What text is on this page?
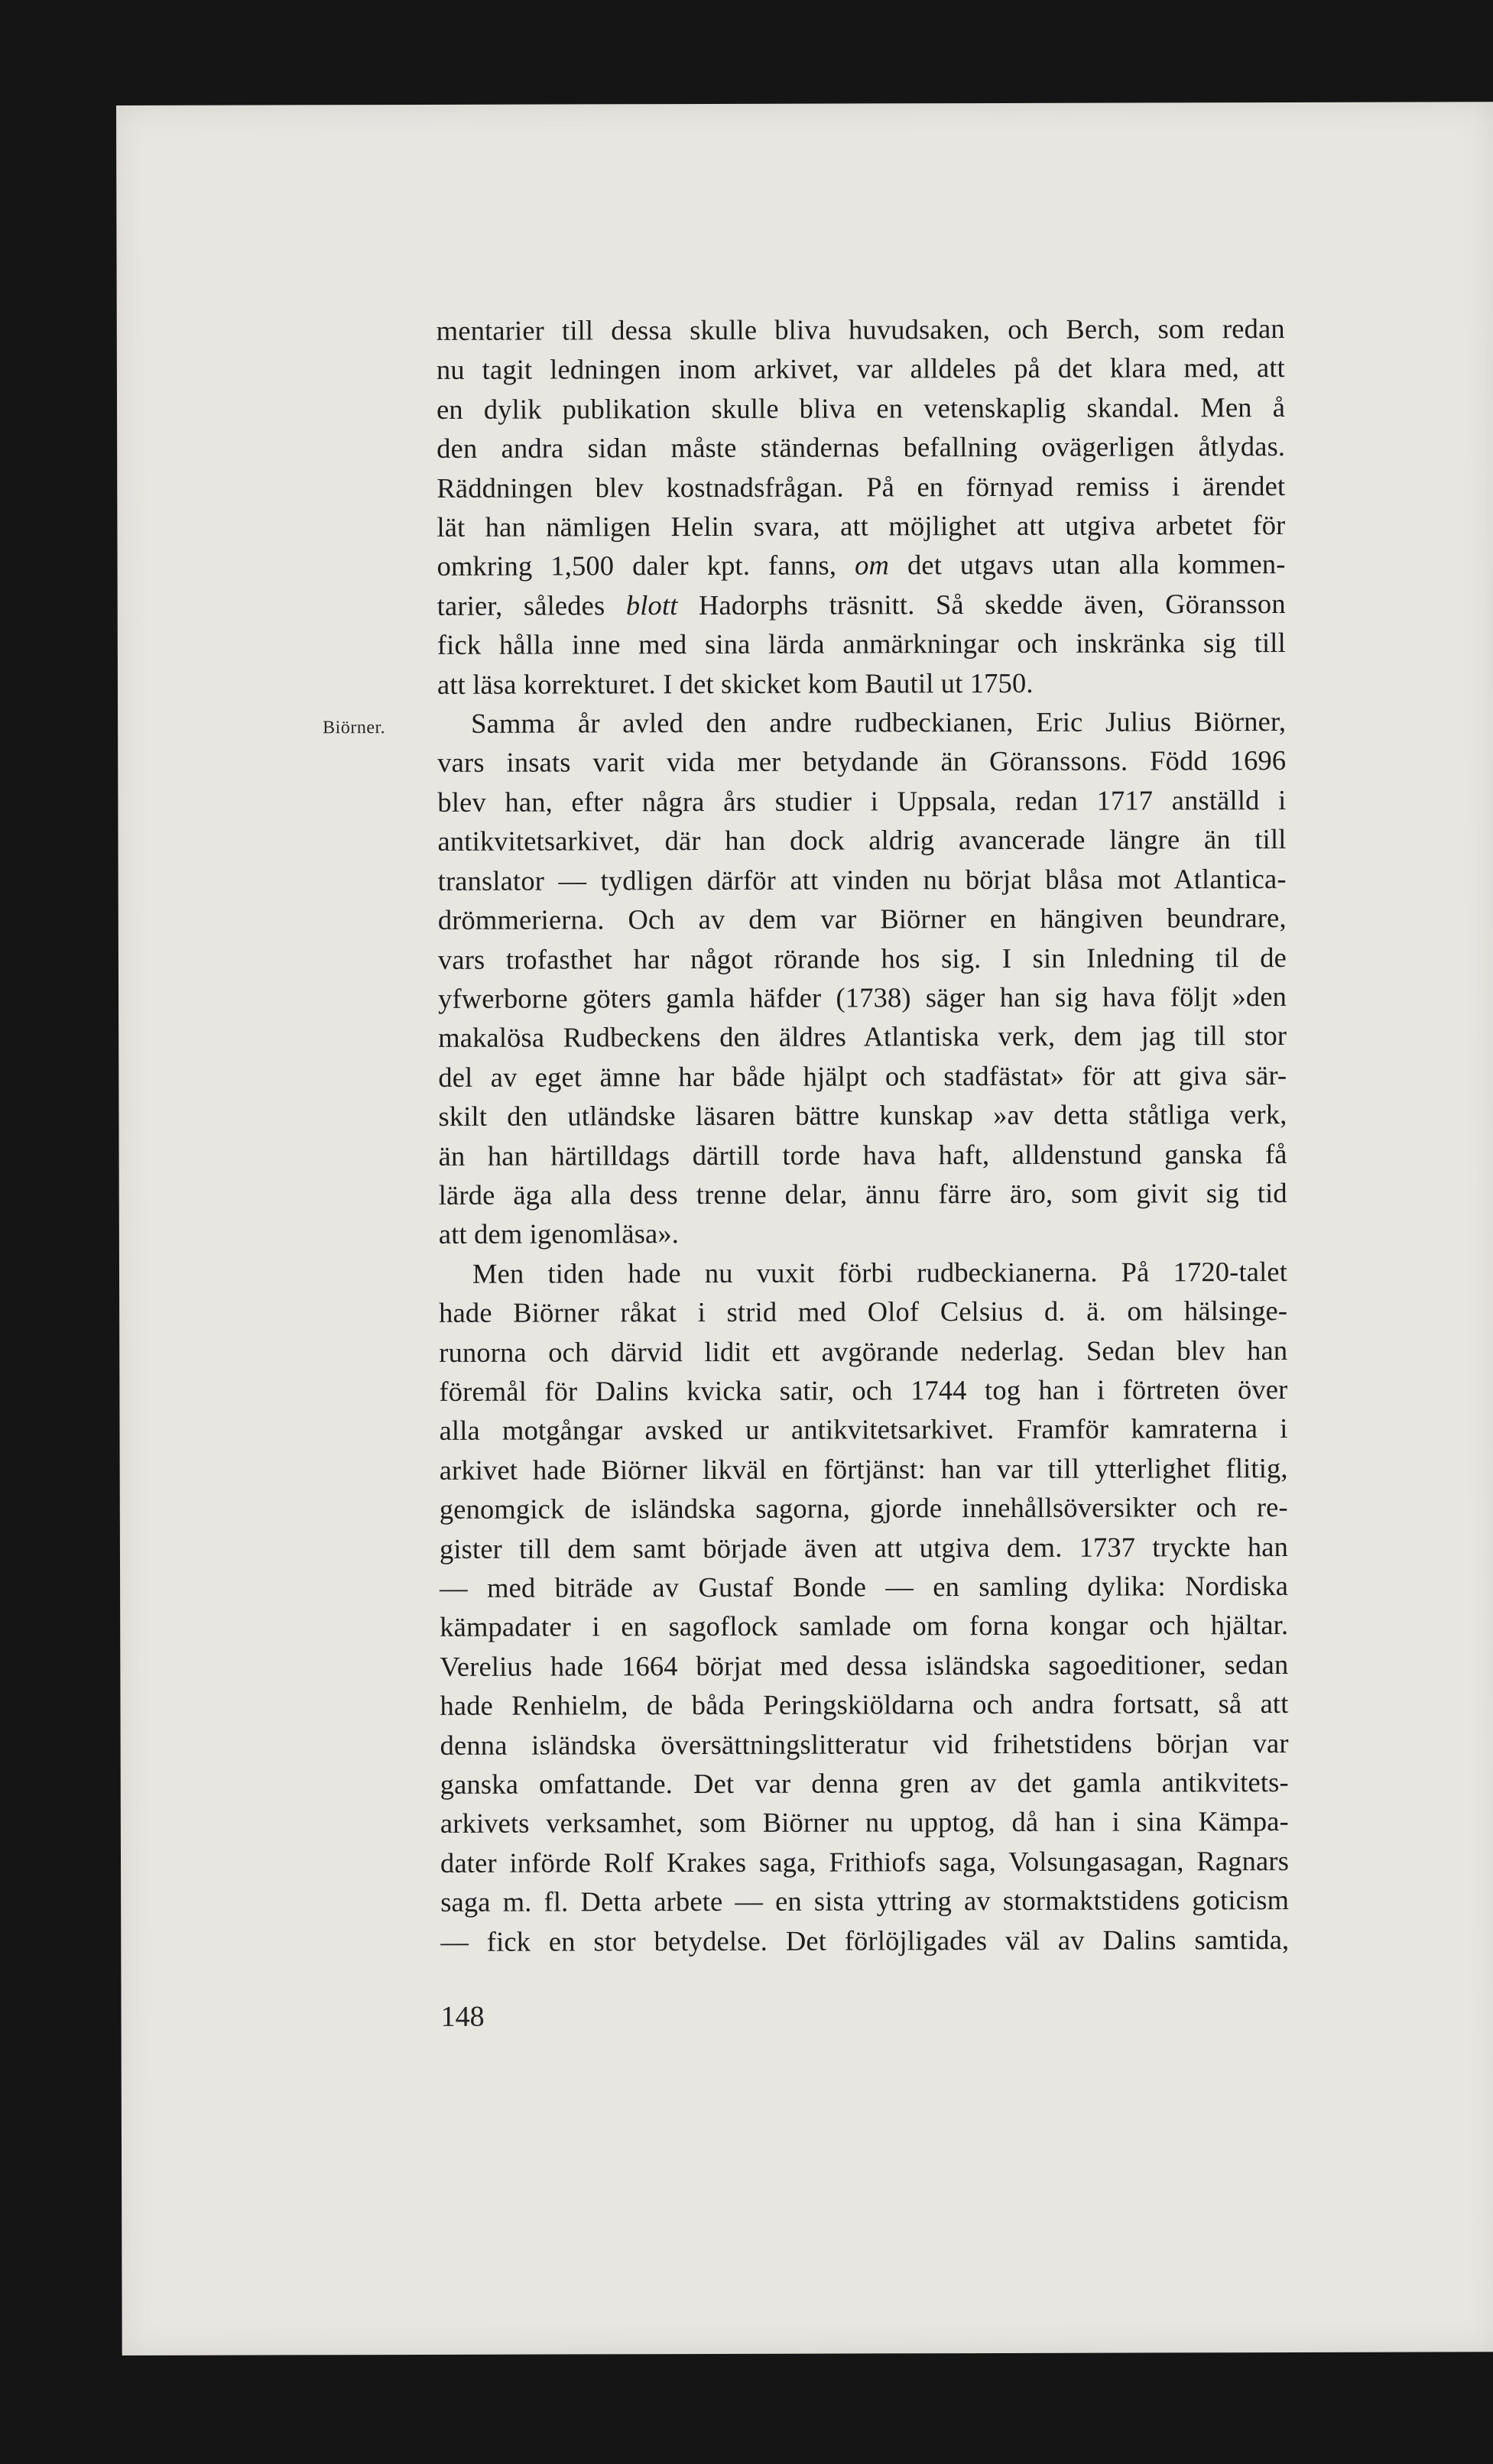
Biörner.
mentarier till dessa skulle bliva huvudsaken, och Berch, som redan
nu tagit ledningen inom arkivet, var alldeles på det klara med, att
en dylik publikation skulle bliva en vetenskaplig skandal. Men å
den andra sidan måste ständernas befallning ovägerligen åtlydas.
Räddningen blev kostnadsfrågan. På en förnyad remiss i ärendet
lät han nämligen Helin svara, att möjlighet att utgiva arbetet för
omkring 1,500 daler kpt. fanns, om det utgavs utan alla kommen-
tarier, således blott Hadorphs träsnitt. Så skedde även, Göransson
fick hålla inne med sina lärda anmärkningar och inskränka sig till
att läsa korrekturet. I det skicket kom Bautil ut 1750.
Samma år avled den andre rudbeckianen, Eric Julius Biörner,
vars insats varit vida mer betydande än Göranssons. Född 1696
blev han, efter några års studier i Uppsala, redan 1717 anställd i
antikvitetsarkivet, där han dock aldrig avancerade längre än till
translator — tydligen därför att vinden nu börjat blåsa mot Atlantica-
drömmerierna. Och av dem var Biörner en hängiven beundrare,
vars trofasthet har något rörande hos sig. I sin Inledning til de
yfwerborne göters gamla häfder (1738) säger han sig hava följt »den
makalösa Rudbeckens den äldres Atlantiska verk, dem jag till stor
del av eget ämne har både hjälpt och stadfästat» för att giva sär-
skilt den utländske läsaren bättre kunskap »av detta ståtliga verk,
än han härtilldags därtill torde hava haft, alldenstund ganska få
lärde äga alla dess trenne delar, ännu färre äro, som givit sig tid
att dem igenomläsa».
Men tiden hade nu vuxit förbi rudbeckianerna. På 1720-talet
hade Biörner råkat i strid med Olof Celsius d. ä. om hälsinge-
runorna och därvid lidit ett avgörande nederlag. Sedan blev han
föremål för Dalins kvicka satir, och 1744 tog han i förtreten över
alla motgångar avsked ur antikvitetsarkivet. Framför kamraterna i
arkivet hade Biörner likväl en förtjänst: han var till ytterlighet flitig,
genomgick de isländska sagorna, gjorde innehållsöversikter och re-
gister till dem samt började även att utgiva dem. 1737 tryckte han
— med biträde av Gustaf Bonde — en samling dylika: Nordiska
kämpadater i en sagoflock samlade om forna kongar och hjältar.
Verelius hade 1664 börjat med dessa isländska sagoeditioner, sedan
hade Renhielm, de båda Peringskiöldarna och andra fortsatt, så att
denna isländska översättningslitteratur vid frihetstidens början var
ganska omfattande. Det var denna gren av det gamla antikvitets-
arkivets verksamhet, som Biörner nu upptog, då han i sina Kämpa-
dater införde Rolf Krakes saga, Frithiofs saga, Volsungasagan, Ragnars
saga m. fl. Detta arbete — en sista yttring av stormaktstidens goticism
— fick en stor betydelse. Det förlöjligades väl av Dalins samtida,
148
